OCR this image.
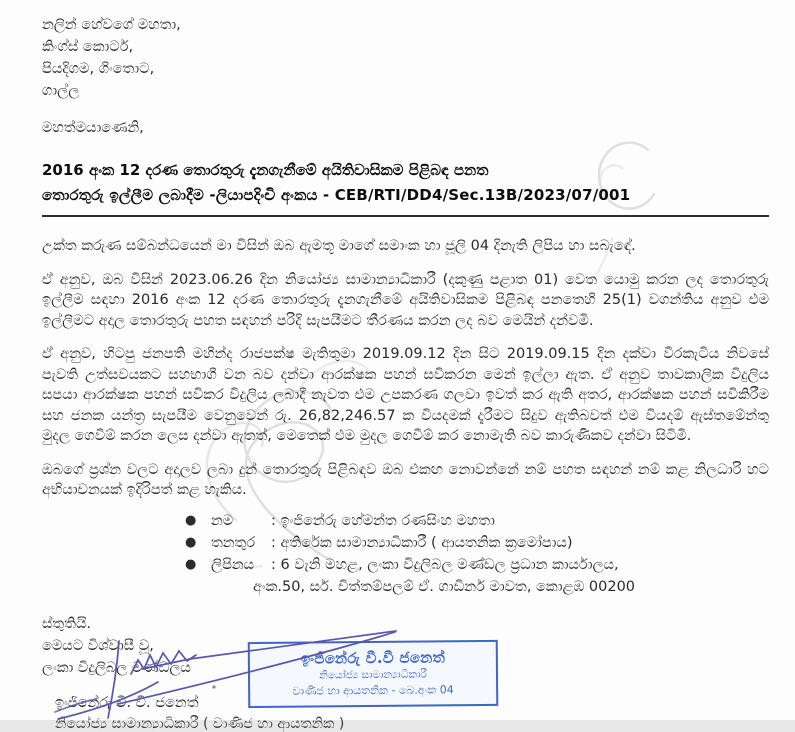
නලින් හේවගේ මහතා,
කිංග්ස් කොර්ට,
පියදිගම, ගිංතොට,
ගාල්ල
මහත්මයාණෙනි,
2016 අංක 12 දරණ තොරතුරු දැනගැනීමේ අයිතිවාසිකම පිළිබඳ පනත
තොරතුරු ඉල්ලීම ලබාදීම -ලියාපදිංචි අංකය - CEB/RTI/DD4/Sec.13B/2023/07/001
උක්ත කරුණ සම්බන්ධයෙන් මා විසින් ඔබ ඇමතූ මාගේ සමාංක හා ජූලි 04 දිනැති ලිපිය හා සබැඳේ.
ඒ අනුව, ඔබ විසින් 2023.06.26 දින නියෝජ්‍ය සාමාන්‍යාධිකාරී (දකුණු පළාත 01) වෙත යොමු කරන ලද තොරතුරු ඉල්ලීම සඳහා 2016 අංක 12 දරණ තොරතුරු දැනගැනීමේ අයිතිවාසිකම පිළිබඳ පනතෙහි 25(1) වගන්තිය අනුව එම ඉල්ලීමට අදාල තොරතුරු පහත සඳහන් පරිදි සැපයීමට තීරණය කරන ලද බව මෙයින් දන්වමි.
ඒ අනුව, හිටපු ජනපති මහින්ද රාජපක්ෂ මැතිතුමා 2019.09.12 දින සිට 2019.09.15 දින දක්වා වීරකැටිය නිවසේ පැවති උත්සවයකට සහභාගී වන බව දන්වා ආරක්ෂක පහන් සවිකරන මෙන් ඉල්ලා ඇත. ඒ අනුව තාවකාලික විදුලිය සපයා ආරක්ෂක පහන් සවිකර විදුලිය ලබාදී නැවත එම උපකරණ ගලවා ඉවත් කර ඇති අතර, ආරක්ෂක පහන් සවිකිරීම සහ ජනක යන්ත්‍ර සැපයීම වෙනුවෙන් රු. 26,82,246.57 ක වියදමක් දැරීමට සිදුව ඇතිබවත් එම වියදම් ඇස්තමේන්තු මුදල ගෙවීම් කරන ලෙස දන්වා ඇතත්, මෙතෙක් එම මුදල ගෙවීම් කර නොමැති බව කාරුණිකව දන්වා සිටිමි.
ඔබගේ ප්‍රශ්න වලට අදාලව ලබා දුන් තොරතුරු පිළිබඳව ඔබ එකඟ නොවන්නේ නම් පහත සඳහන් නම් කළ නිලධාරි හට අභියාචනයක් ඉදිරිපත් කළ හැකිය.
●	නම	: ඉංජිනේරු හේමන්ත රණසිංහ මහතා
●	තනතුර	: අතිරේක සාමාන්‍යාධිකාරී ( ආයතනික ක්‍රමෝපාය)
●	ලිපිනය	: 6 වැනි මහළ, ලංකා විදුලිබල මණ්ඩල ප්‍රධාන කාර්යාලය,
අංක.50, සර්. චිත්තම්පලම් ඒ. ගාඩිනර් මාවත, කොළඹ 00200
ස්තුතියි.
මෙයට විශ්වාසී වූ,
ලංකා විදුලිබල මණ්ඩලය	ඉංජිනේරු වී.වී ජනෙත්
නියෝජ්‍ය සාමාන්‍යාධිකාරී
වාණිජ හා ආයතනික - බෙ.අංක 04
ඉංජිනේරු වී. වී. ජනෙත්
නියෝජ්‍ය සාමාන්‍යාධිකාරී ( වාණිජ හා ආයතනික )
